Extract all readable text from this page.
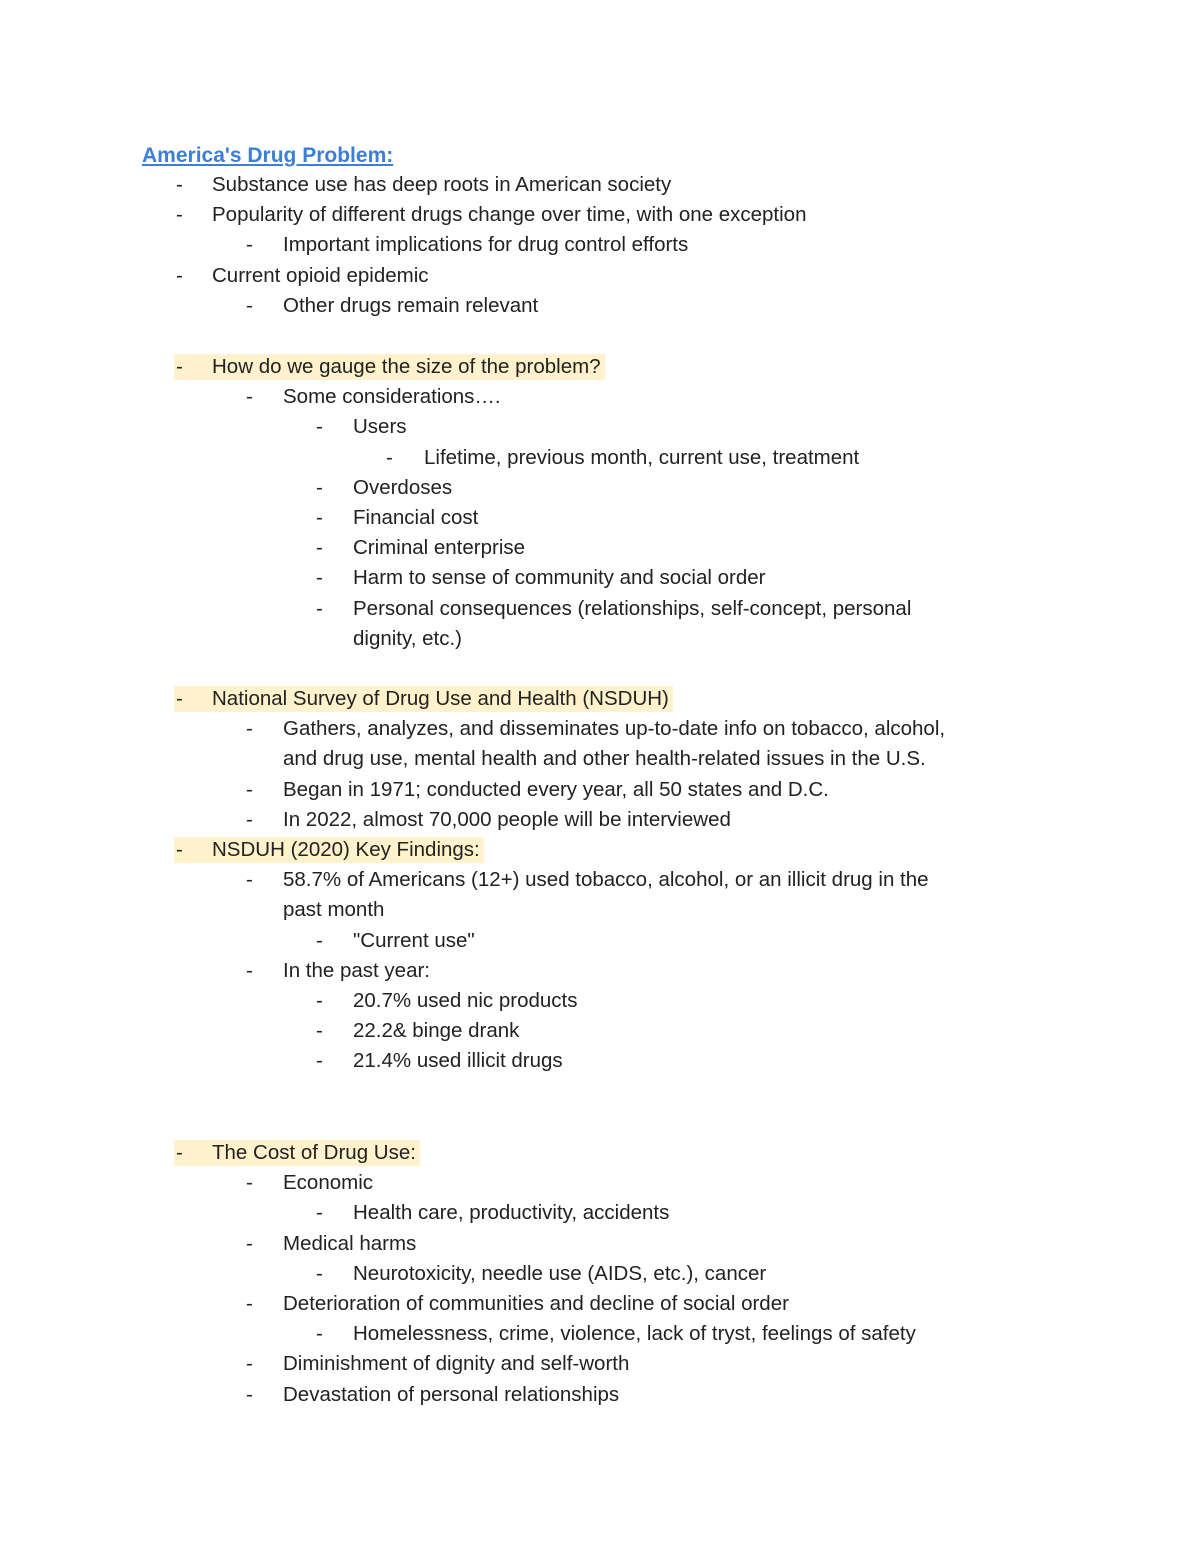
America's Drug Problem:
- Substance use has deep roots in American society
- Popularity of different drugs change over time, with one exception
- Important implications for drug control efforts
- Current opioid epidemic
- Other drugs remain relevant
- How do we gauge the size of the problem?
- Some considerations….
- Users
- Lifetime, previous month, current use, treatment
- Overdoses
- Financial cost
- Criminal enterprise
- Harm to sense of community and social order
- Personal consequences (relationships, self-concept, personal
dignity, etc.)
- National Survey of Drug Use and Health (NSDUH)
- Gathers, analyzes, and disseminates up-to-date info on tobacco, alcohol,
and drug use, mental health and other health-related issues in the U.S.
- Began in 1971; conducted every year, all 50 states and D.C.
- In 2022, almost 70,000 people will be interviewed
- NSDUH (2020) Key Findings:
- 58.7% of Americans (12+) used tobacco, alcohol, or an illicit drug in the
past month
- "Current use"
- In the past year:
- 20.7% used nic products
- 22.2& binge drank
- 21.4% used illicit drugs
- The Cost of Drug Use:
- Economic
- Health care, productivity, accidents
- Medical harms
- Neurotoxicity, needle use (AIDS, etc.), cancer
- Deterioration of communities and decline of social order
- Homelessness, crime, violence, lack of tryst, feelings of safety
- Diminishment of dignity and self-worth
- Devastation of personal relationships
